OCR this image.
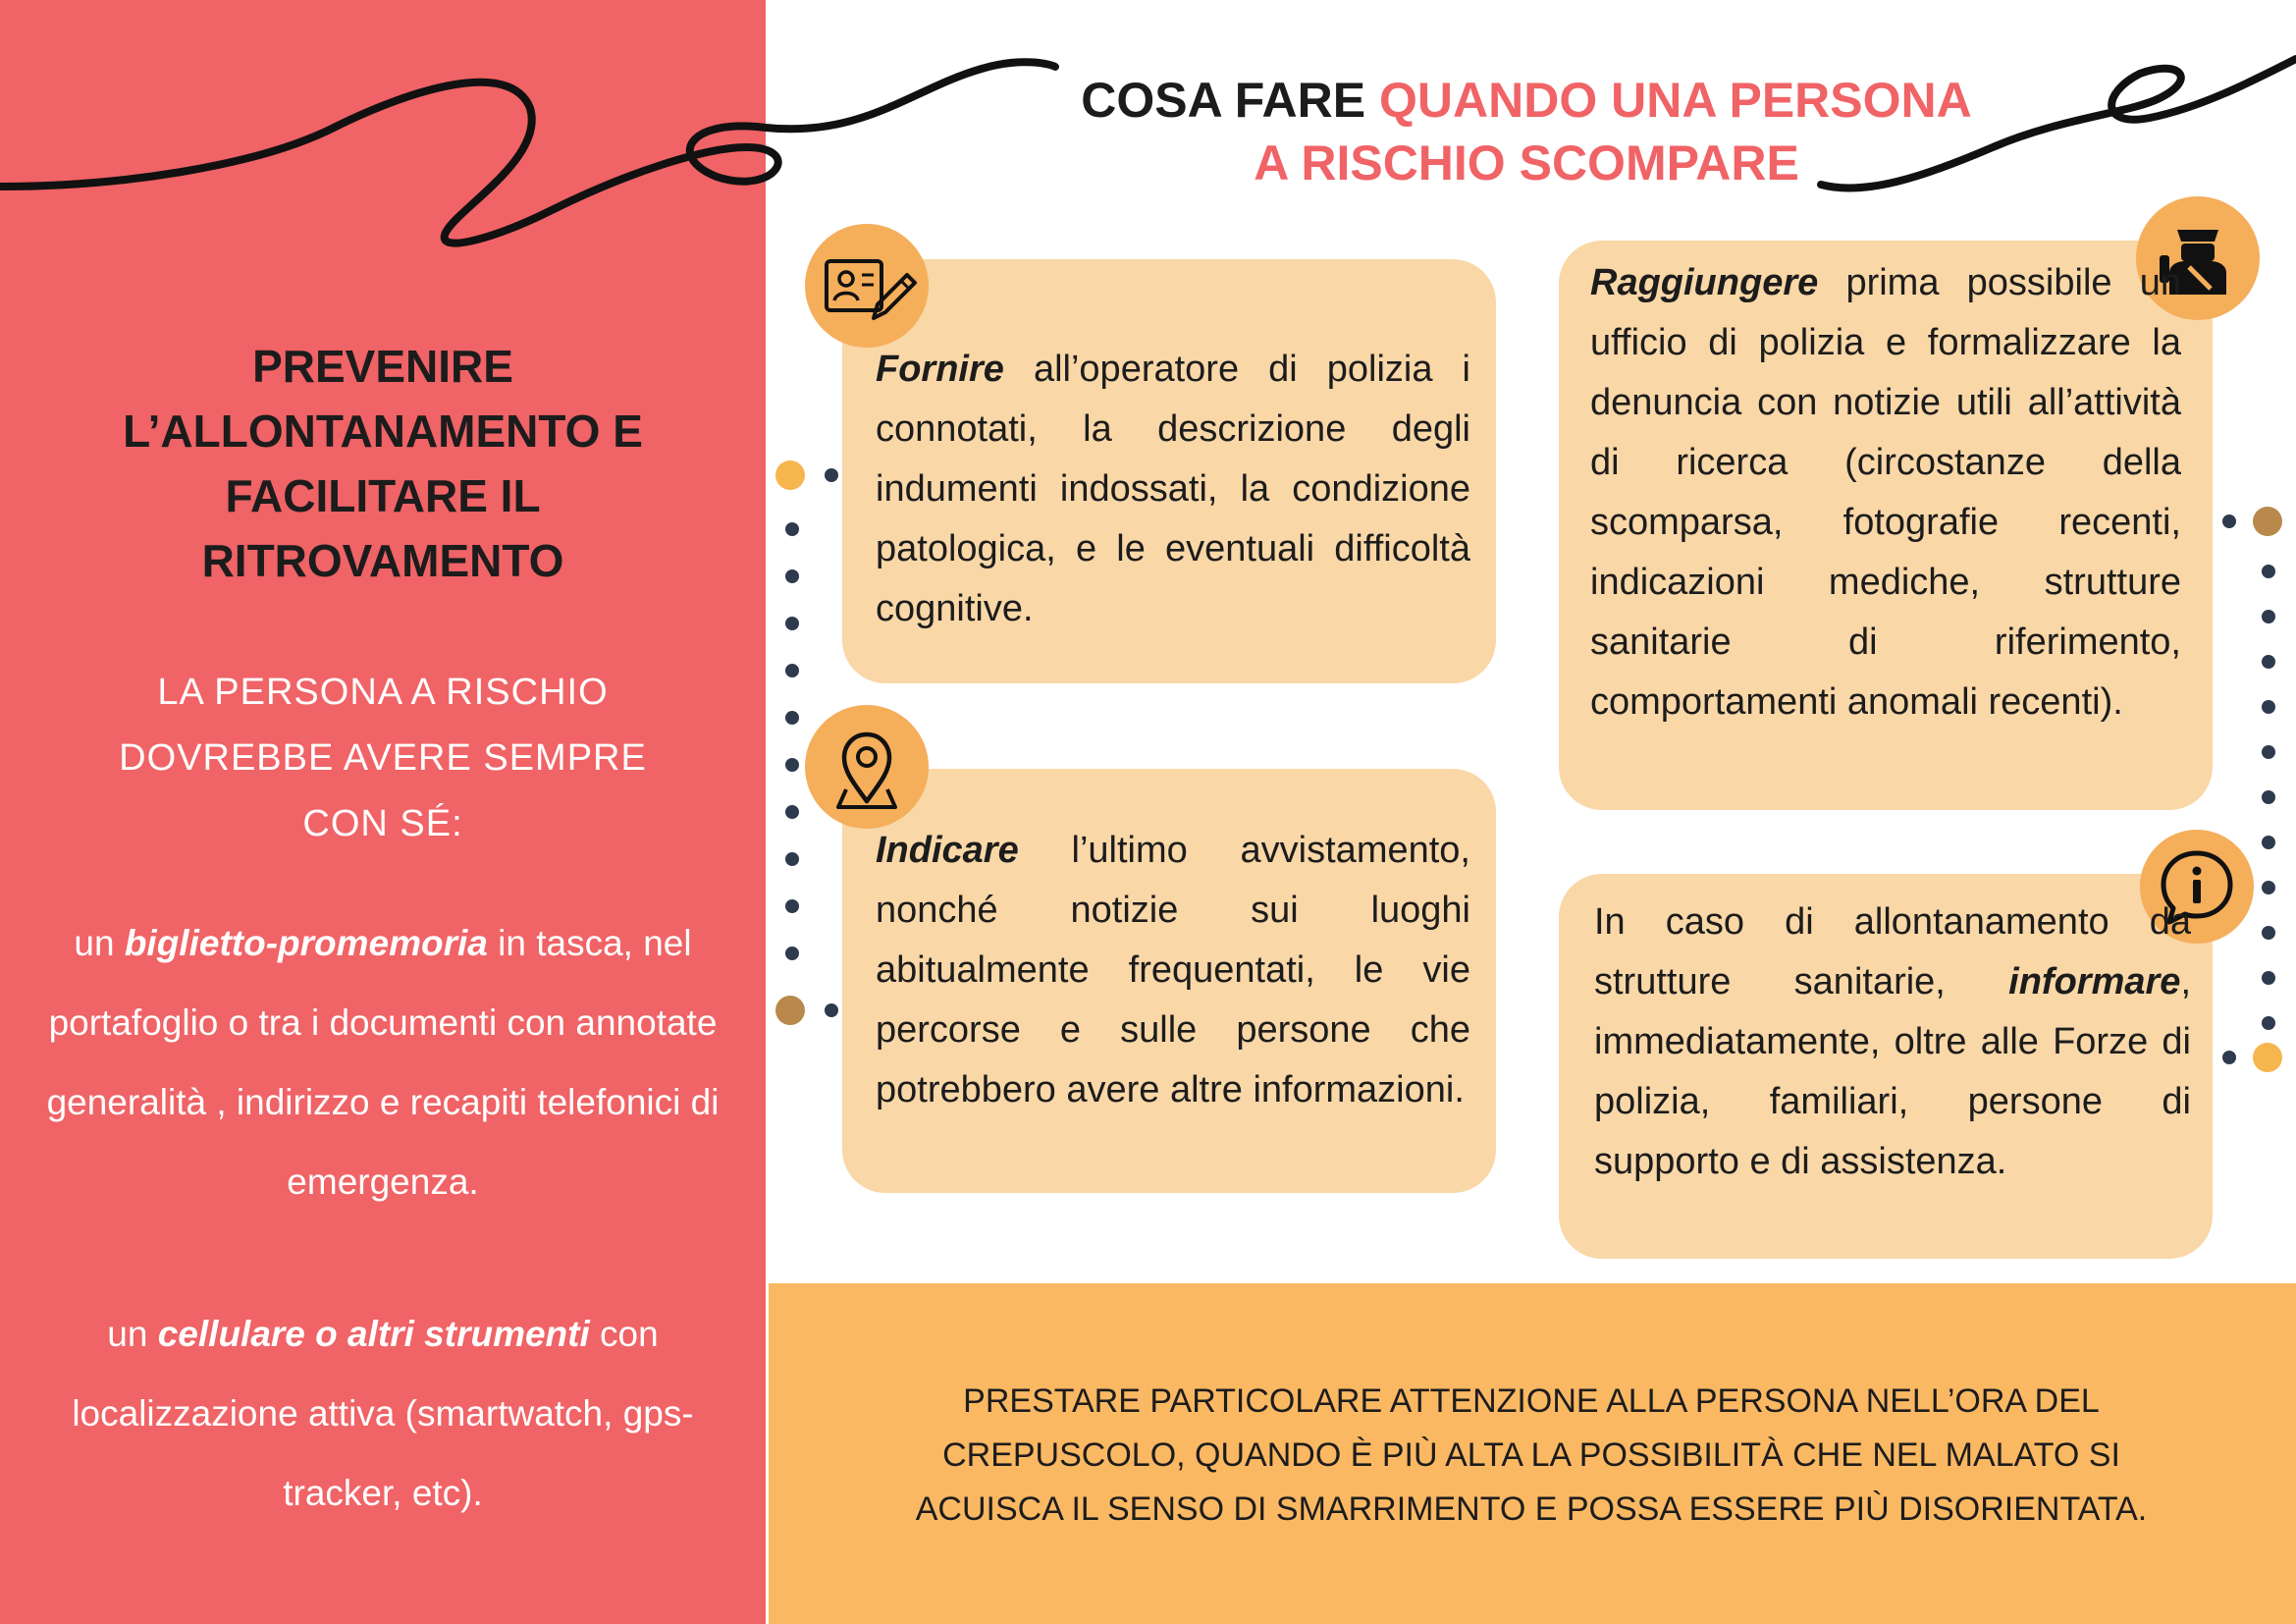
PREVENIRE
L’ALLONTANAMENTO E
FACILITARE IL
RITROVAMENTO
LA PERSONA A RISCHIO
DOVREBBE AVERE SEMPRE
CON SÉ:
un biglietto-promemoria in tasca, nel portafoglio o tra i documenti con annotate generalità , indirizzo e recapiti telefonici di emergenza.
un cellulare o altri strumenti con localizzazione attiva (smartwatch, gps-tracker, etc).
COSA FARE QUANDO UNA PERSONA
A RISCHIO SCOMPARE
Fornire all’operatore di polizia i connotati, la descrizione degli indumenti indossati, la condizione patologica, e le eventuali difficoltà cognitive.
Indicare l’ultimo avvistamento, nonché notizie sui luoghi abitualmente frequentati, le vie percorse e sulle persone che potrebbero avere altre informazioni.
Raggiungere prima possibile un ufficio di polizia e formalizzare la denuncia con notizie utili all’attività di ricerca (circostanze della scomparsa, fotografie recenti, indicazioni mediche, strutture sanitarie di riferimento, comportamenti anomali recenti).
In caso di allontanamento da strutture sanitarie, informare, immediatamente, oltre alle Forze di polizia, familiari, persone di supporto e di assistenza.
PRESTARE PARTICOLARE ATTENZIONE ALLA PERSONA NELL’ORA DEL
CREPUSCOLO, QUANDO È PIÙ ALTA LA POSSIBILITÀ CHE NEL MALATO SI
ACUISCA IL SENSO DI SMARRIMENTO E POSSA ESSERE PIÙ DISORIENTATA.
